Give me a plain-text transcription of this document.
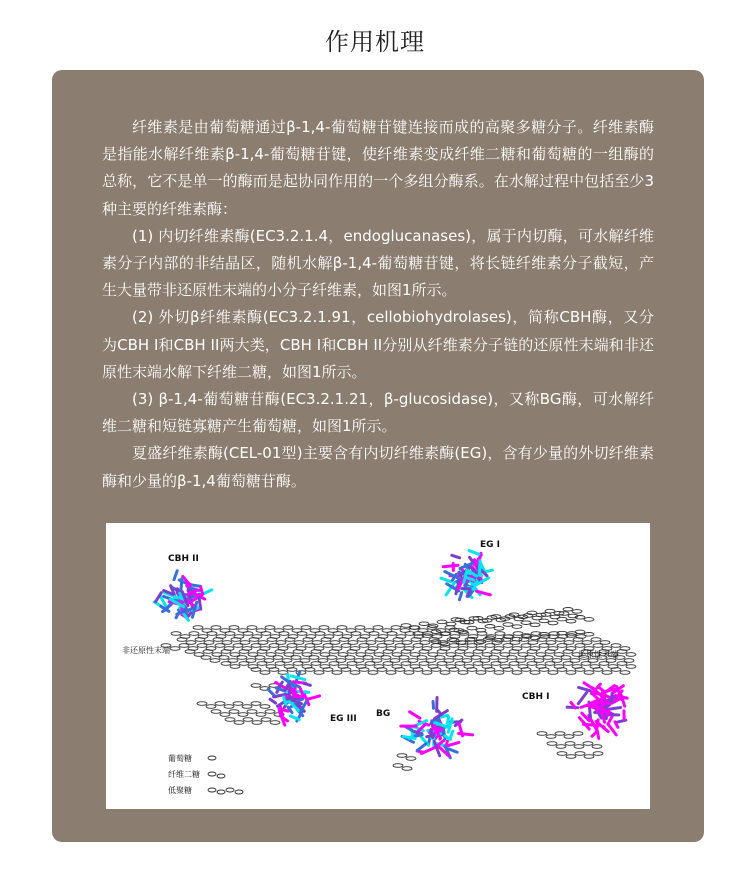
作用机理

纤维素是由葡萄糖通过β-1,4-葡萄糖苷键连接而成的高聚多糖分子。纤维素酶是指能水解纤维素β-1,4-葡萄糖苷键，使纤维素变成纤维二糖和葡萄糖的一组酶的总称，它不是单一的酶而是起协同作用的一个多组分酶系。在水解过程中包括至少3种主要的纤维素酶：

(1) 内切纤维素酶(EC3.2.1.4，endoglucanases)，属于内切酶，可水解纤维素分子内部的非结晶区，随机水解β-1,4-葡萄糖苷键，将长链纤维素分子截短，产生大量带非还原性末端的小分子纤维素，如图1所示。

(2) 外切β纤维素酶(EC3.2.1.91，cellobiohydrolases)，简称CBH酶，又分为CBH I和CBH II两大类，CBH I和CBH II分别从纤维素分子链的还原性末端和非还原性末端水解下纤维二糖，如图1所示。

(3) β-1,4-葡萄糖苷酶(EC3.2.1.21，β-glucosidase)，又称BG酶，可水解纤维二糖和短链寡糖产生葡萄糖，如图1所示。

夏盛纤维素酶(CEL-01型)主要含有内切纤维素酶(EG)，含有少量的外切纤维素酶和少量的β-1,4葡萄糖苷酶。

CBH II
EG I
CBH I
EG III BG
非还原性末端	还原性末端
葡萄糖
纤维二糖
低聚糖
